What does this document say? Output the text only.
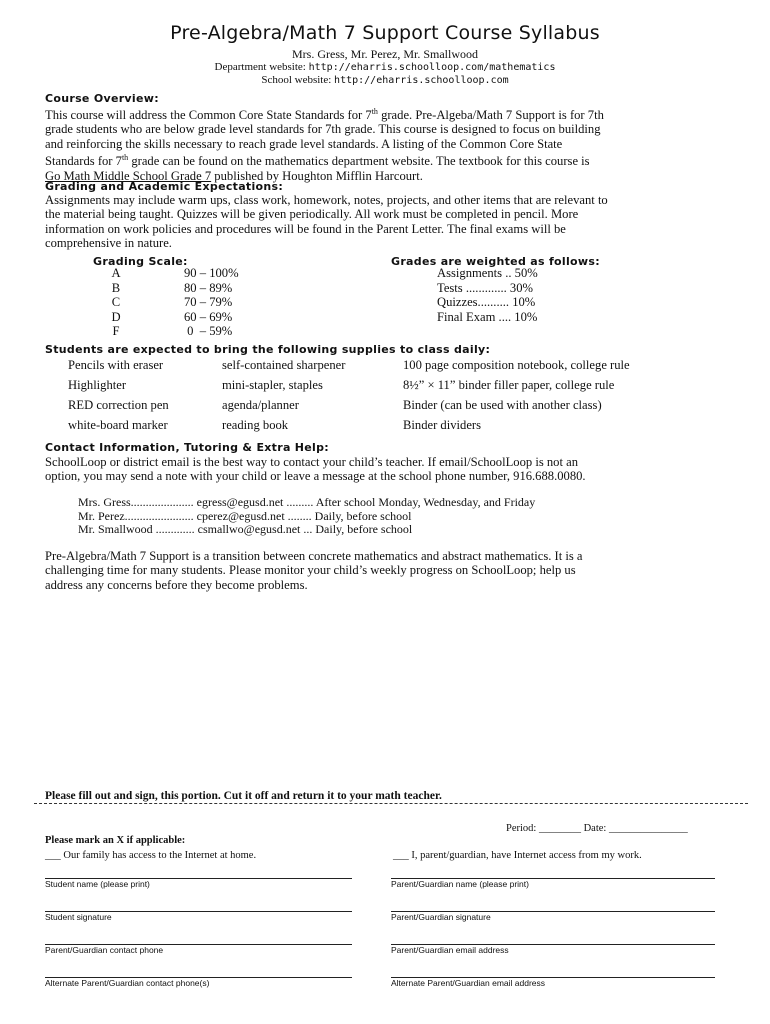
Pre-Algebra/Math 7 Support Course Syllabus
Mrs. Gress, Mr. Perez, Mr. Smallwood
Department website: http://eharris.schoolloop.com/mathematics
School website: http://eharris.schoolloop.com
Course Overview:
This course will address the Common Core State Standards for 7th grade. Pre-Algeba/Math 7 Support is for 7th
grade students who are below grade level standards for 7th grade. This course is designed to focus on building
and reinforcing the skills necessary to reach grade level standards. A listing of the Common Core State
Standards for 7th grade can be found on the mathematics department website. The textbook for this course is
Go Math Middle School Grade 7 published by Houghton Mifflin Harcourt.
Grading and Academic Expectations:
Assignments may include warm ups, class work, homework, notes, projects, and other items that are relevant to
the material being taught. Quizzes will be given periodically. All work must be completed in pencil. More
information on work policies and procedures will be found in the Parent Letter. The final exams will be
comprehensive in nature.
Grading Scale:
A	90 – 100%
B	80 – 89%
C	70 – 79%
D	60 – 69%
F	0  – 59%
Grades are weighted as follows:
Assignments .. 50%
Tests ............. 30%
Quizzes.......... 10%
Final Exam .... 10%
Students are expected to bring the following supplies to class daily:
Pencils with eraser	self-contained sharpener	100 page composition notebook, college rule
Highlighter	mini-stapler, staples	8½” × 11” binder filler paper, college rule
RED correction pen	agenda/planner	Binder (can be used with another class)
white-board marker	reading book	Binder dividers
Contact Information, Tutoring & Extra Help:
SchoolLoop or district email is the best way to contact your child’s teacher. If email/SchoolLoop is not an
option, you may send a note with your child or leave a message at the school phone number, 916.688.0080.
Mrs. Gress..................... egress@egusd.net ......... After school Monday, Wednesday, and Friday
Mr. Perez....................... cperez@egusd.net ........ Daily, before school
Mr. Smallwood ............. csmallwo@egusd.net ... Daily, before school
Pre-Algebra/Math 7 Support is a transition between concrete mathematics and abstract mathematics. It is a
challenging time for many students. Please monitor your child’s weekly progress on SchoolLoop; help us
address any concerns before they become problems.
Please fill out and sign, this portion. Cut it off and return it to your math teacher.
Period: ________ Date: _______________
Please mark an X if applicable:
___ Our family has access to the Internet at home.	___ I, parent/guardian, have Internet access from my work.
Student name (please print)	Parent/Guardian name (please print)
Student signature	Parent/Guardian signature
Parent/Guardian contact phone	Parent/Guardian email address
Alternate Parent/Guardian contact phone(s)	Alternate Parent/Guardian email address
